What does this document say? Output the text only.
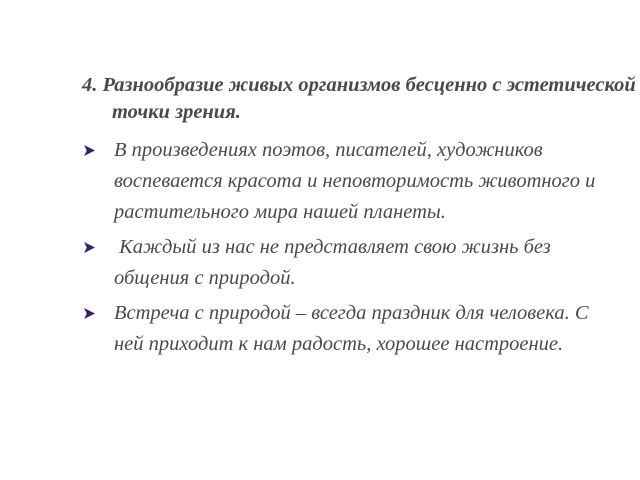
4. Разнообразие живых организмов бесценно с эстетической точки зрения.

В произведениях поэтов, писателей, художников воспевается красота и неповторимость животного и растительного мира нашей планеты.
Каждый из нас не представляет свою жизнь без общения с природой.
Встреча с природой – всегда праздник для человека. С ней приходит к нам радость, хорошее настроение.
